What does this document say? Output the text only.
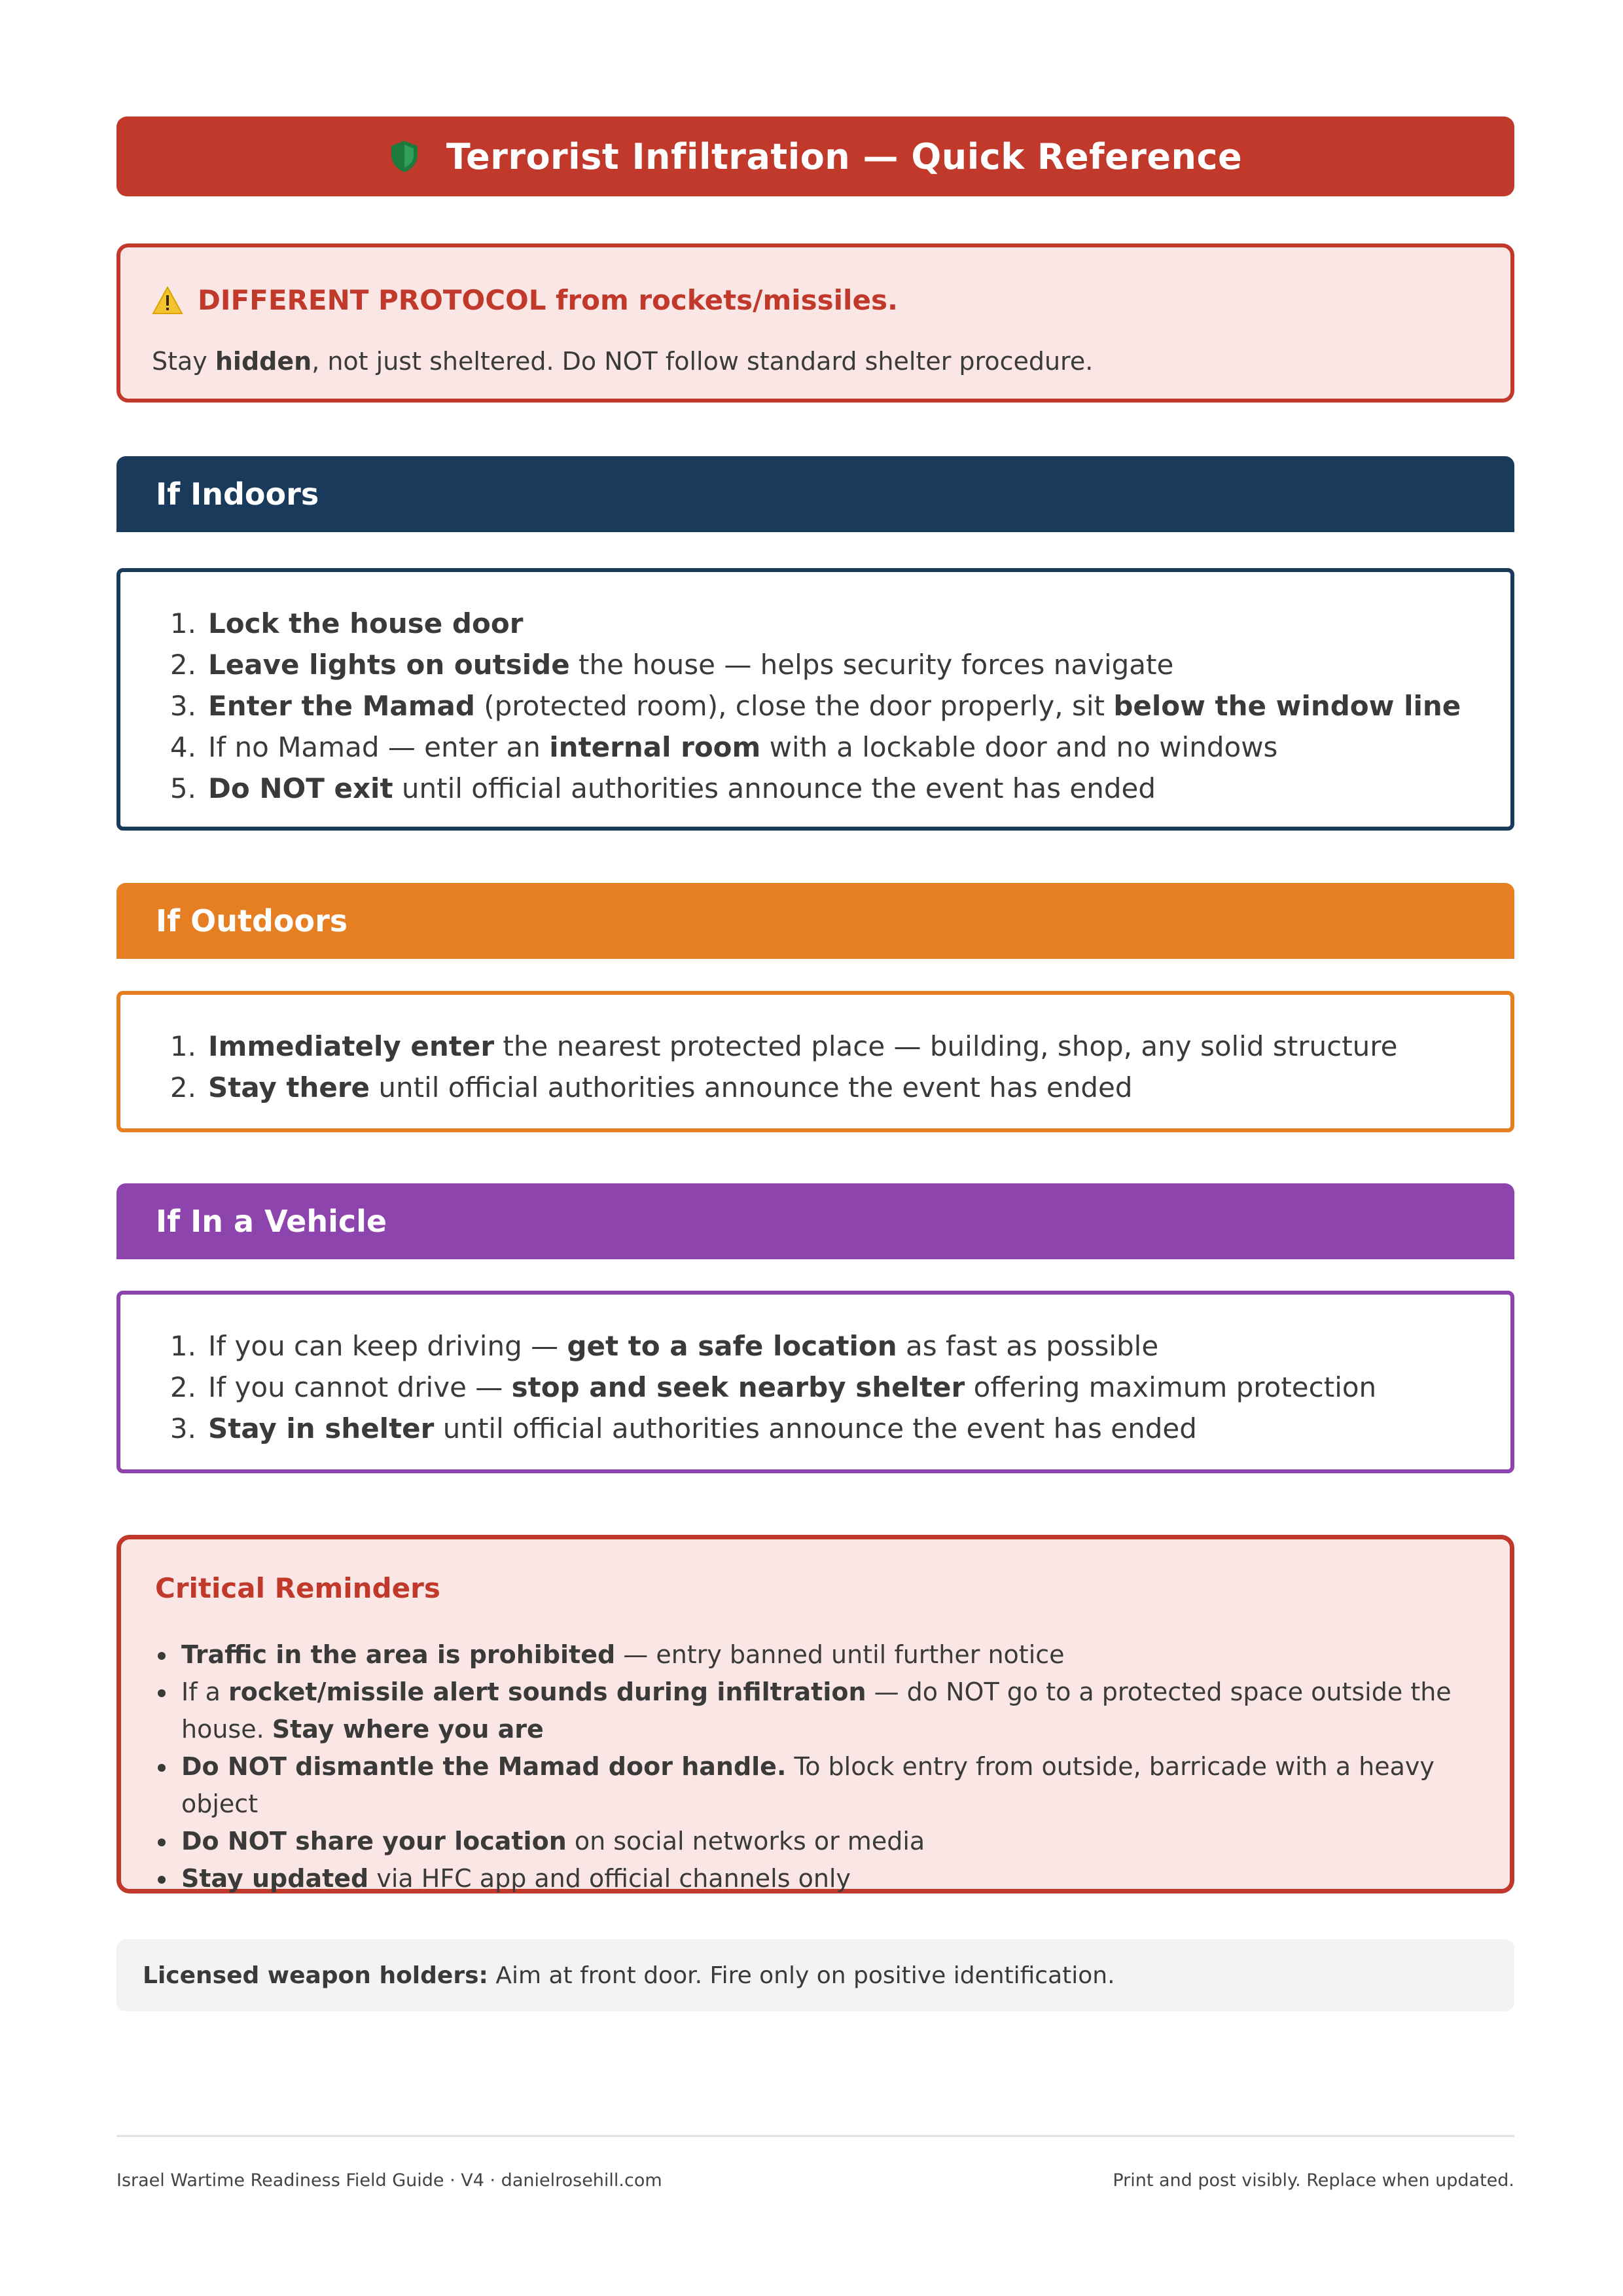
Terrorist Infiltration — Quick Reference
DIFFERENT PROTOCOL from rockets/missiles.
Stay hidden, not just sheltered. Do NOT follow standard shelter procedure.
If Indoors
1. Lock the house door
2. Leave lights on outside the house — helps security forces navigate
3. Enter the Mamad (protected room), close the door properly, sit below the window line
4. If no Mamad — enter an internal room with a lockable door and no windows
5. Do NOT exit until official authorities announce the event has ended
If Outdoors
1. Immediately enter the nearest protected place — building, shop, any solid structure
2. Stay there until official authorities announce the event has ended
If In a Vehicle
1. If you can keep driving — get to a safe location as fast as possible
2. If you cannot drive — stop and seek nearby shelter offering maximum protection
3. Stay in shelter until official authorities announce the event has ended
Critical Reminders
Traffic in the area is prohibited — entry banned until further notice
If a rocket/missile alert sounds during infiltration — do NOT go to a protected space outside the house. Stay where you are
Do NOT dismantle the Mamad door handle. To block entry from outside, barricade with a heavy object
Do NOT share your location on social networks or media
Stay updated via HFC app and official channels only
Licensed weapon holders: Aim at front door. Fire only on positive identification.
Israel Wartime Readiness Field Guide · V4 · danielrosehill.com	Print and post visibly. Replace when updated.
